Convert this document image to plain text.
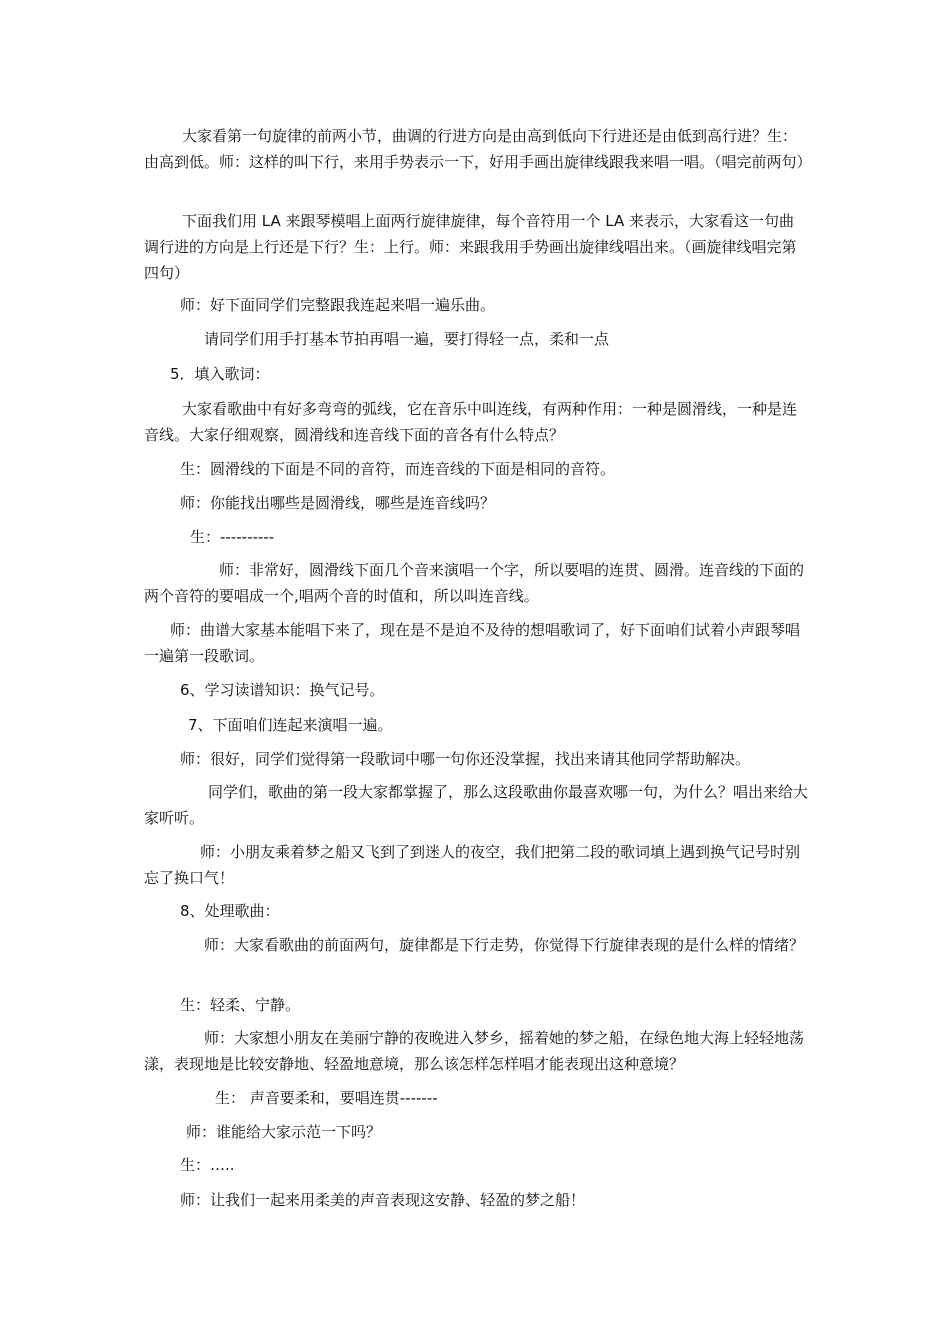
大家看第一句旋律的前两小节，曲调的行进方向是由高到低向下行进还是由低到高行进？生：由高到低。师：这样的叫下行，来用手势表示一下，好用手画出旋律线跟我来唱一唱。（唱完前两句）

下面我们用 LA 来跟琴模唱上面两行旋律旋律，每个音符用一个 LA 来表示，大家看这一句曲调行进的方向是上行还是下行？生：上行。师：来跟我用手势画出旋律线唱出来。（画旋律线唱完第四句）

师：好下面同学们完整跟我连起来唱一遍乐曲。

请同学们用手打基本节拍再唱一遍，要打得轻一点，柔和一点

5．填入歌词：

大家看歌曲中有好多弯弯的弧线，它在音乐中叫连线，有两种作用：一种是圆滑线，一种是连音线。大家仔细观察，圆滑线和连音线下面的音各有什么特点？

生：圆滑线的下面是不同的音符，而连音线的下面是相同的音符。

师：你能找出哪些是圆滑线，哪些是连音线吗？

生：----------

师：非常好，圆滑线下面几个音来演唱一个字，所以要唱的连贯、圆滑。连音线的下面的两个音符的要唱成一个,唱两个音的时值和，所以叫连音线。

师：曲谱大家基本能唱下来了，现在是不是迫不及待的想唱歌词了，好下面咱们试着小声跟琴唱一遍第一段歌词。

6、学习读谱知识：换气记号。

7、下面咱们连起来演唱一遍。

师：很好，同学们觉得第一段歌词中哪一句你还没掌握，找出来请其他同学帮助解决。

同学们，歌曲的第一段大家都掌握了，那么这段歌曲你最喜欢哪一句，为什么？唱出来给大家听听。

师：小朋友乘着梦之船又飞到了到迷人的夜空，我们把第二段的歌词填上遇到换气记号时别忘了换口气！

8、处理歌曲：

师：大家看歌曲的前面两句，旋律都是下行走势，你觉得下行旋律表现的是什么样的情绪？

生：轻柔、宁静。

师：大家想小朋友在美丽宁静的夜晚进入梦乡，摇着她的梦之船，在绿色地大海上轻轻地荡漾，表现地是比较安静地、轻盈地意境，那么该怎样怎样唱才能表现出这种意境？

生： 声音要柔和，要唱连贯-------

师：谁能给大家示范一下吗？

生：…..

师：让我们一起来用柔美的声音表现这安静、轻盈的梦之船！
